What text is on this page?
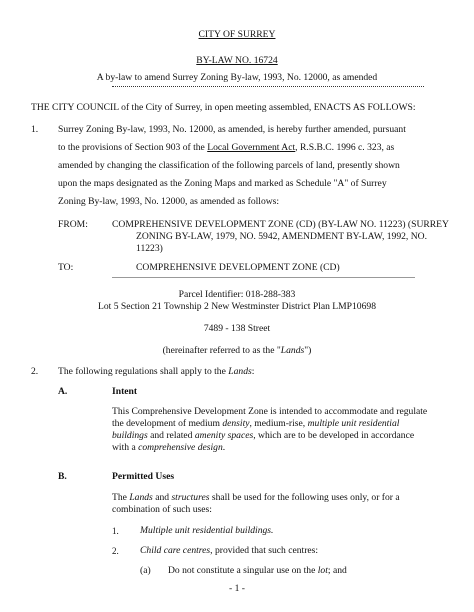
CITY OF SURREY
BY-LAW NO. 16724
A by-law to amend Surrey Zoning By-law, 1993, No. 12000, as amended
THE CITY COUNCIL of the City of Surrey, in open meeting assembled, ENACTS AS FOLLOWS:
1. Surrey Zoning By-law, 1993, No. 12000, as amended, is hereby further amended, pursuant
to the provisions of Section 903 of the Local Government Act, R.S.B.C. 1996 c. 323, as
amended by changing the classification of the following parcels of land, presently shown
upon the maps designated as the Zoning Maps and marked as Schedule "A" of Surrey
Zoning By-law, 1993, No. 12000, as amended as follows:
FROM:	COMPREHENSIVE DEVELOPMENT ZONE (CD) (BY-LAW NO. 11223) (SURREY
ZONING BY-LAW, 1979, NO. 5942, AMENDMENT BY-LAW, 1992, NO.
11223)
TO:	COMPREHENSIVE DEVELOPMENT ZONE (CD)
Parcel Identifier: 018-288-383
Lot 5 Section 21 Township 2 New Westminster District Plan LMP10698
7489 - 138 Street
(hereinafter referred to as the "Lands")
2. The following regulations shall apply to the Lands:
A.	Intent
This Comprehensive Development Zone is intended to accommodate and regulate
the development of medium density, medium-rise, multiple unit residential
buildings and related amenity spaces, which are to be developed in accordance
with a comprehensive design.
B.	Permitted Uses
The Lands and structures shall be used for the following uses only, or for a
combination of such uses:
1. Multiple unit residential buildings.
2. Child care centres, provided that such centres:
(a) Do not constitute a singular use on the lot; and
- 1 -
